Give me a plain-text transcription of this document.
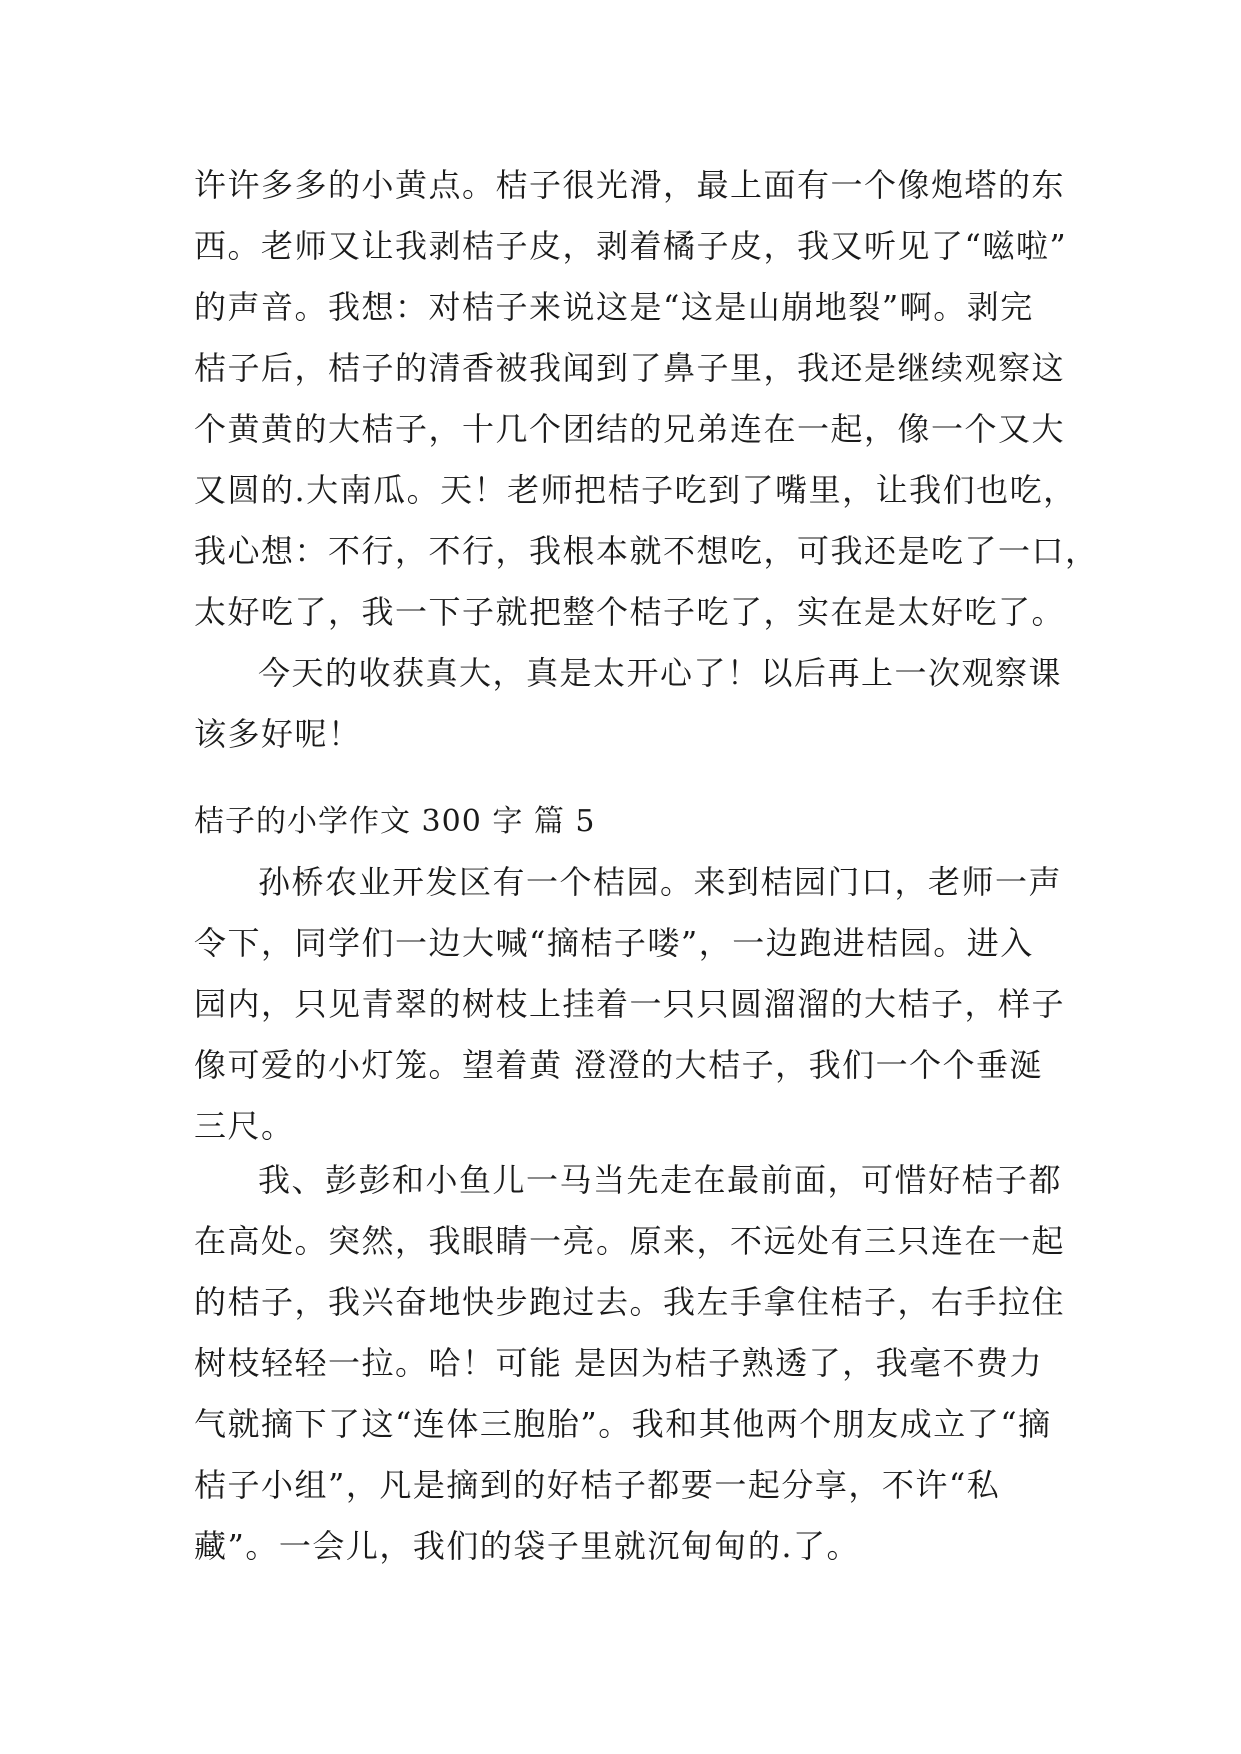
许许多多的小黄点。桔子很光滑，最上面有一个像炮塔的东
西。老师又让我剥桔子皮，剥着橘子皮，我又听见了“嗞啦”
的声音。我想：对桔子来说这是“这是山崩地裂”啊。剥完
桔子后，桔子的清香被我闻到了鼻子里，我还是继续观察这
个黄黄的大桔子，十几个团结的兄弟连在一起，像一个又大
又圆的.大南瓜。天！老师把桔子吃到了嘴里，让我们也吃，
我心想：不行，不行，我根本就不想吃，可我还是吃了一口，
太好吃了，我一下子就把整个桔子吃了，实在是太好吃了。
今天的收获真大，真是太开心了！以后再上一次观察课
该多好呢！
桔子的小学作文 300 字 篇 5
孙桥农业开发区有一个桔园。来到桔园门口，老师一声
令下，同学们一边大喊“摘桔子喽”，一边跑进桔园。进入
园内，只见青翠的树枝上挂着一只只圆溜溜的大桔子，样子
像可爱的小灯笼。望着黄 澄澄的大桔子，我们一个个垂涎
三尺。
我、彭彭和小鱼儿一马当先走在最前面，可惜好桔子都
在高处。突然，我眼睛一亮。原来，不远处有三只连在一起
的桔子，我兴奋地快步跑过去。我左手拿住桔子，右手拉住
树枝轻轻一拉。哈！可能 是因为桔子熟透了，我毫不费力
气就摘下了这“连体三胞胎”。我和其他两个朋友成立了“摘
桔子小组”，凡是摘到的好桔子都要一起分享，不许“私
藏”。一会儿，我们的袋子里就沉甸甸的.了。
